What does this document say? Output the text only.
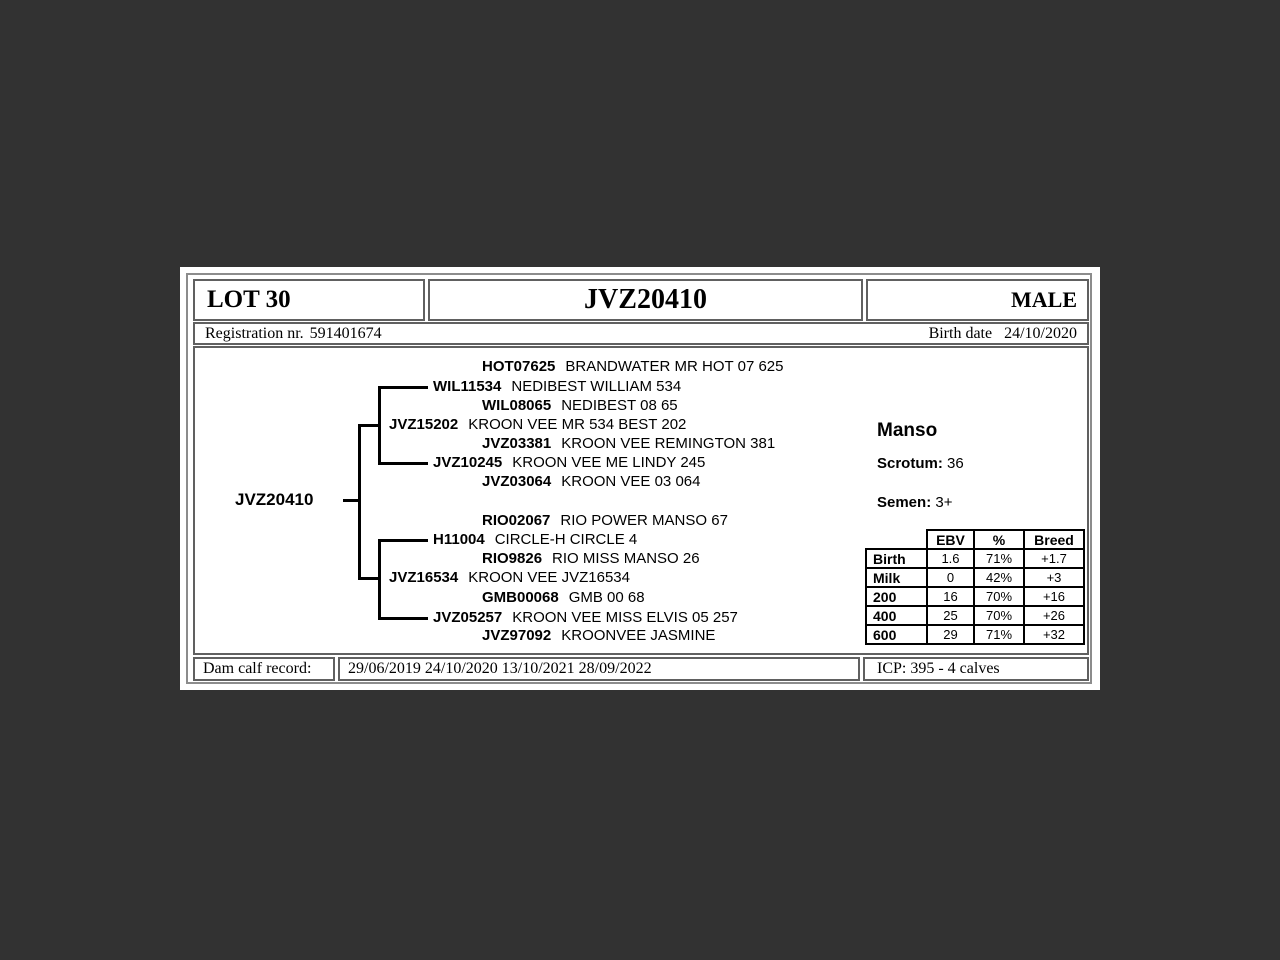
LOT 30	JVZ20410	MALE
Registration nr. 591401674	Birth date 24/10/2020
HOT07625 BRANDWATER MR HOT 07 625
WIL11534 NEDIBEST WILLIAM 534
WIL08065 NEDIBEST 08 65
JVZ15202 KROON VEE MR 534 BEST 202
JVZ03381 KROON VEE REMINGTON 381
JVZ10245 KROON VEE ME LINDY 245
JVZ03064 KROON VEE 03 064
JVZ20410
RIO02067 RIO POWER MANSO 67
H11004 CIRCLE-H CIRCLE 4
RIO9826 RIO MISS MANSO 26
JVZ16534 KROON VEE JVZ16534
GMB00068 GMB 00 68
JVZ05257 KROON VEE MISS ELVIS 05 257
JVZ97092 KROONVEE JASMINE
Manso
Scrotum: 36
Semen: 3+
	EBV	%	Breed
Birth	1.6	71%	+1.7
Milk	0	42%	+3
200	16	70%	+16
400	25	70%	+26
600	29	71%	+32
Dam calf record:	29/06/2019 24/10/2020 13/10/2021 28/09/2022	ICP: 395 - 4 calves
